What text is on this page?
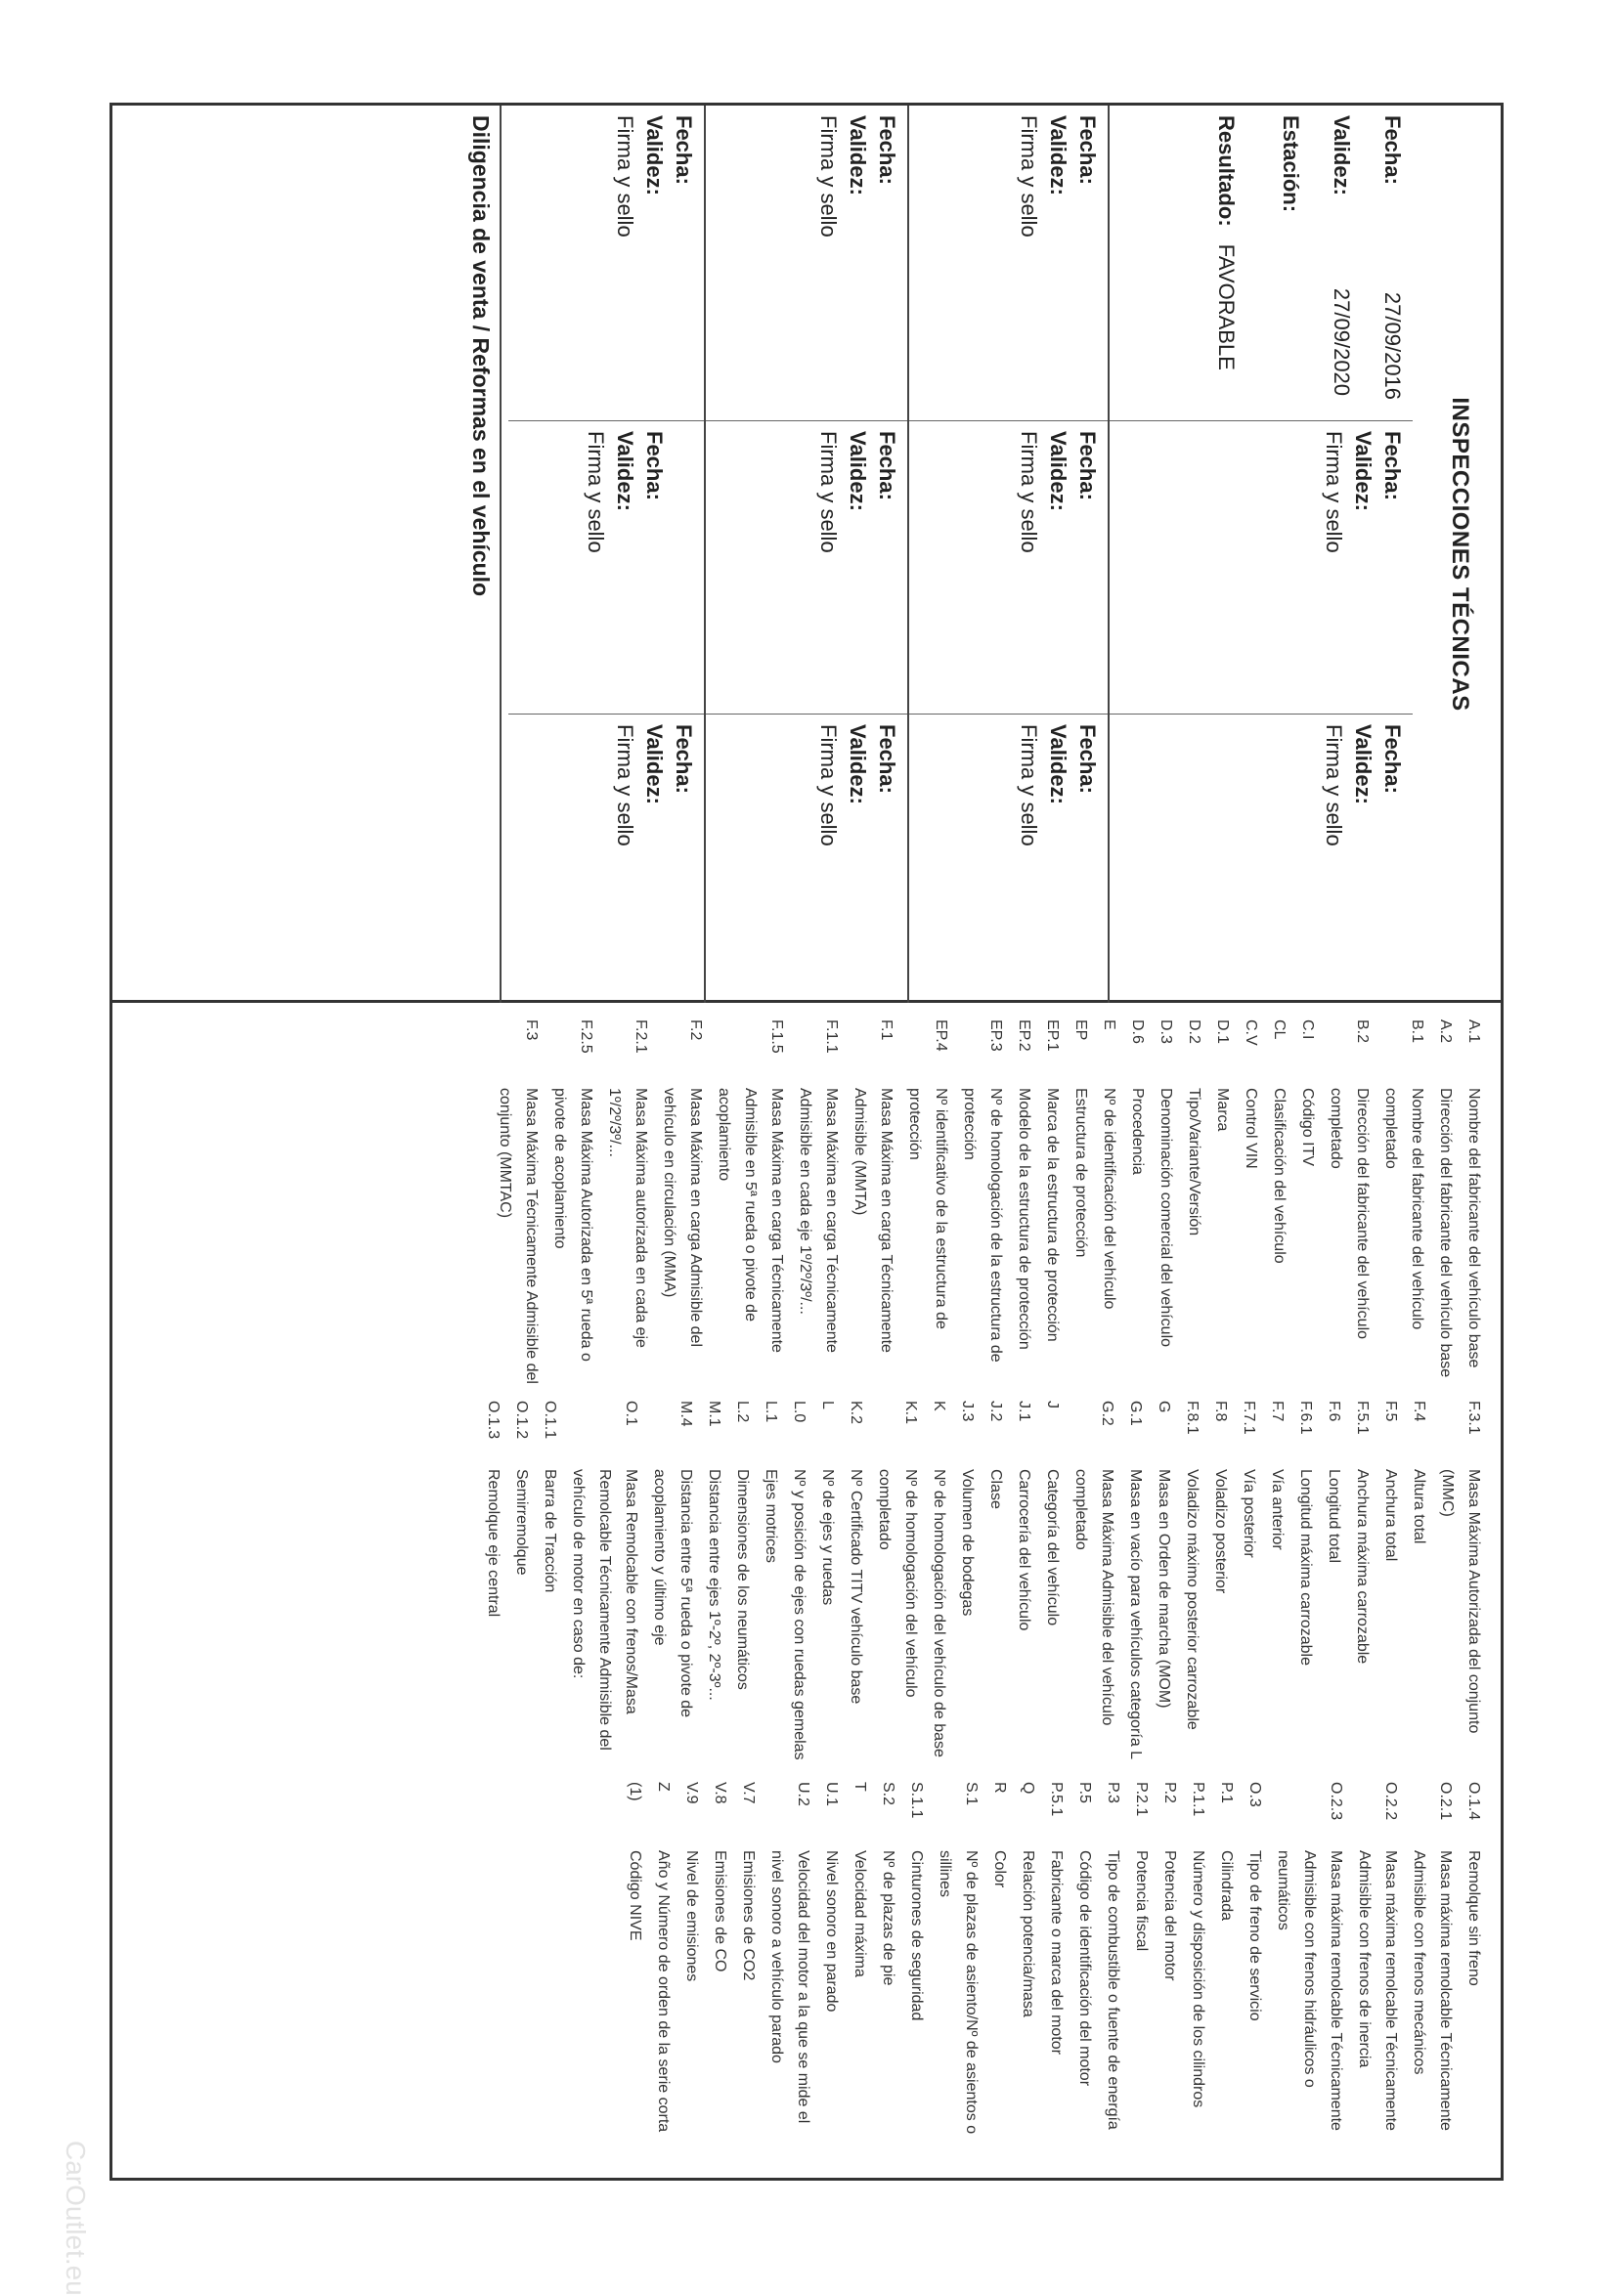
INSPECCIONES TÉCNICAS
Fecha:27/09/2016
Validez:27/09/2020
Estación:
Resultado:FAVORABLE
Fecha:
Validez:
Firma y sello
Fecha:
Validez:
Firma y sello
Fecha:
Validez:
Firma y sello
Fecha:
Validez:
Firma y sello
Fecha:
Validez:
Firma y sello
Fecha:
Validez:
Firma y sello
Fecha:
Validez:
Firma y sello
Fecha:
Validez:
Firma y sello
Fecha:
Validez:
Firma y sello
Fecha:
Validez:
Firma y sello
Fecha:
Validez:
Firma y sello
Diligencia de venta / Reformas en el vehículo
A.1
Nombre del fabricante del vehículo base
A.2
Dirección del fabricante del vehículo base
B.1
Nombre del fabricante del vehículo completado
B.2
Dirección del fabricante del vehículo completado
C.I
Código ITV
CL
Clasificación del vehículo
C.V
Control VIN
D.1
Marca
D.2
Tipo/Variante/Versión
D.3
Denominación comercial del vehículo
D.6
Procedencia
E
Nº de identificación del vehículo
EP
Estructura de protección
EP.1
Marca de la estructura de protección
EP.2
Modelo de la estructura de protección
EP.3
Nº de homologación de la estructura de protección
EP.4
Nº identificativo de la estructura de protección
F.1
Masa Máxima en carga Técnicamente Admisible (MMTA)
F.1.1
Masa Máxima en carga Técnicamente Admisible en cada eje 1º/2º/3º/...
F.1.5
Masa Máxima en carga Técnicamente Admisible en 5ª rueda o pivote de acoplamiento
F.2
Masa Máxima en carga Admisible del vehículo en circulación (MMA)
F.2.1
Masa Máxima autorizada en cada eje 1º/2º/3º/...
F.2.5
Masa Máxima Autorizada en 5ª rueda o pivote de acoplamiento
F.3
Masa Máxima Técnicamente Admisible del conjunto (MMTAC)
F.3.1
Masa Máxima Autorizada del conjunto (MMC)
F.4
Altura total
F.5
Anchura total
F.5.1
Anchura máxima carrozable
F.6
Longitud total
F.6.1
Longitud máxima carrozable
F.7
Vía anterior
F.7.1
Vía posterior
F.8
Voladizo posterior
F.8.1
Voladizo máximo posterior carrozable
G
Masa en Orden de marcha (MOM)
G.1
Masa en vacío para vehículos categoría L
G.2
Masa Máxima Admisible del vehículo completado
J
Categoría del vehículo
J.1
Carrocería del vehículo
J.2
Clase
J.3
Volumen de bodegas
K
Nº de homologación del vehículo de base
K.1
Nº de homologación del vehículo completado
K.2
Nº Certificado TITV vehículo base
L
Nº de ejes y ruedas
L.0
Nº y posición de ejes con ruedas gemelas
L.1
Ejes motrices
L.2
Dimensiones de los neumáticos
M.1
Distancia entre ejes 1º-2º, 2º-3º...
M.4
Distancia entre 5ª rueda o pivote de acoplamiento y último eje
O.1
Masa Remolcable con frenos/Masa Remolcable Técnicamente Admisible del vehículo de motor en caso de:
O.1.1
Barra de Tracción
O.1.2
Semirremolque
O.1.3
Remolque eje central
O.1.4
Remolque sin freno
O.2.1
Masa máxima remolcable Técnicamente Admisible con frenos mecánicos
O.2.2
Masa máxima remolcable Técnicamente Admisible con frenos de inercia
O.2.3
Masa máxima remolcable Técnicamente Admisible con frenos hidráulicos o neumáticos
O.3
Tipo de freno de servicio
P.1
Cilindrada
P.1.1
Número y disposición de los cilindros
P.2
Potencia del motor
P.2.1
Potencia fiscal
P.3
Tipo de combustible o fuente de energía
P.5
Código de identificación del motor
P.5.1
Fabricante o marca del motor
Q
Relación potencia/masa
R
Color
S.1
Nº de plazas de asiento/Nº de asientos o sillines
S.1.1
Cinturones de seguridad
S.2
Nº de plazas de pie
T
Velocidad máxima
U.1
Nivel sonoro en parado
U.2
Velocidad del motor a la que se mide el nivel sonoro a vehículo parado
V.7
Emisiones de CO2
V.8
Emisiones de CO
V.9
Nivel de emisiones
Z
Año y Número de orden de la serie corta
(1)
Código NIVE
CarOutlet.eu
